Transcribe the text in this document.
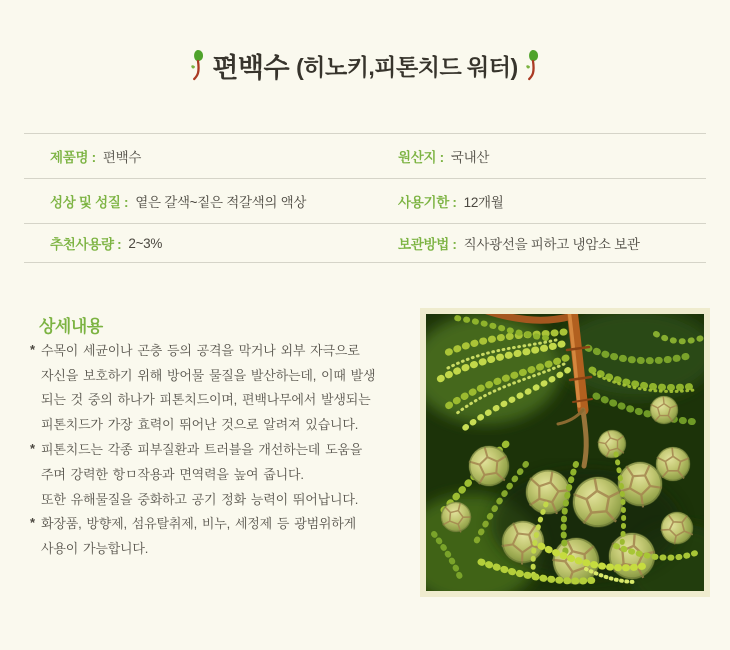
편백수 (히노키,피톤치드 워터)
제품명 : 편백수	원산지 : 국내산
성상 및 성질 : 옅은 갈색~짙은 적갈색의 액상	사용기한 : 12개월
추천사용량 : 2~3%	보관방법 : 직사광선을 피하고 냉암소 보관
상세내용
* 수목이 세균이나 곤충 등의 공격을 막거나 외부 자극으로
자신을 보호하기 위해 방어물 물질을 발산하는데, 이때 발생
되는 것 중의 하나가 피톤치드이며, 편백나무에서 발생되는
피톤치드가 가장 효력이 뛰어난 것으로 알려져 있습니다.
* 피톤치드는 각종 피부질환과 트러블을 개선하는데 도움을
주며 강력한 항ㅁ작용과 면역력을 높여 줍니다.
또한 유해물질을 중화하고 공기 정화 능력이 뛰어납니다.
* 화장품, 방향제, 섬유탈취제, 비누, 세정제 등 광범위하게
사용이 가능합니다.
